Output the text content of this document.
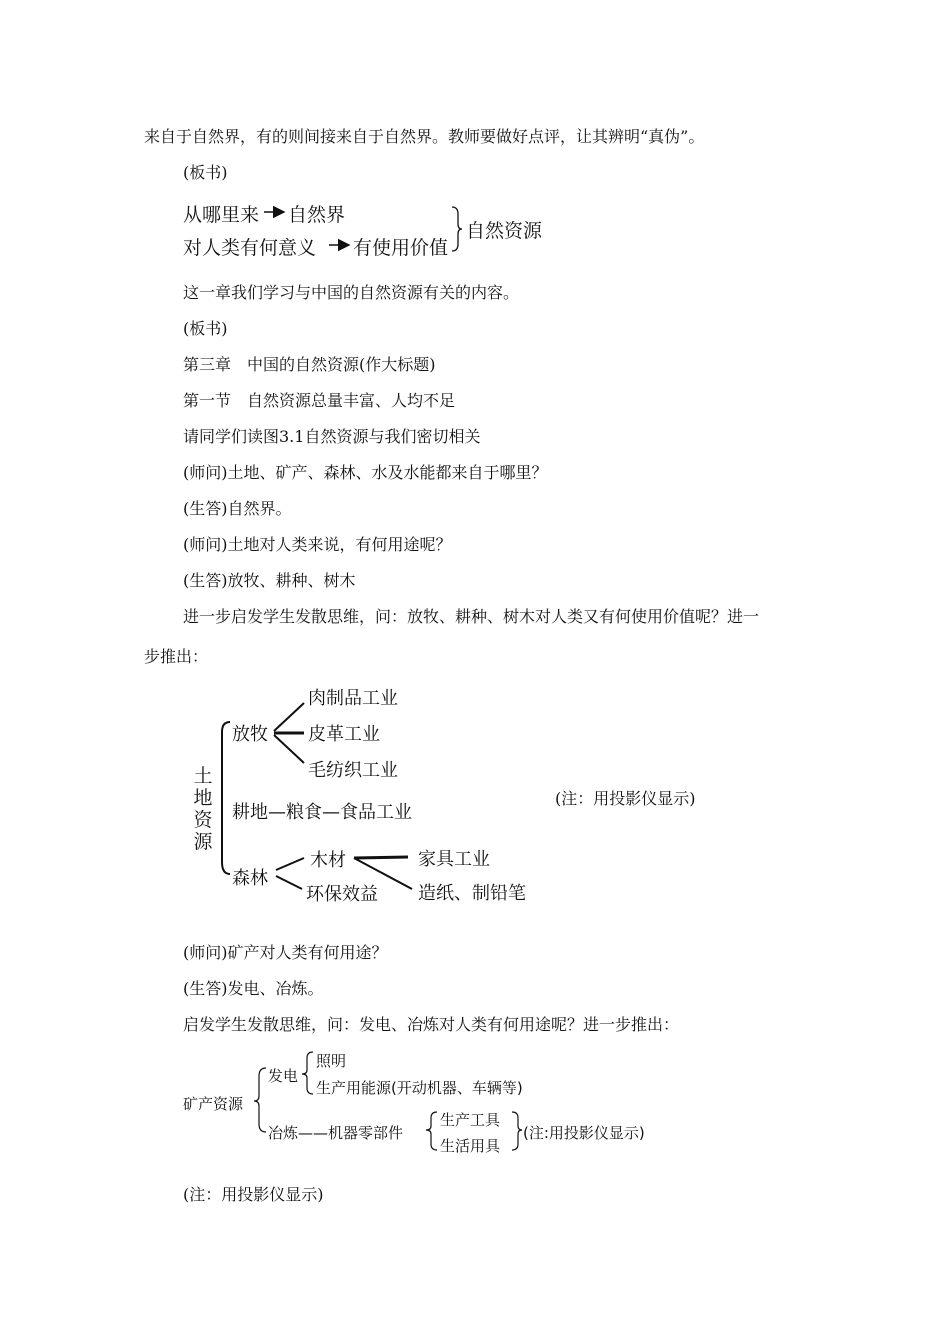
来自于自然界，有的则间接来自于自然界。教师要做好点评，让其辨明“真伪”。
(板书)
从哪里来 自然界
对人类有何意义 有使用价值
自然资源
这一章我们学习与中国的自然资源有关的内容。
(板书)
第三章　中国的自然资源(作大标题)
第一节　自然资源总量丰富、人均不足
请同学们读图3.1自然资源与我们密切相关
(师问)土地、矿产、森林、水及水能都来自于哪里？
(生答)自然界。
(师问)土地对人类来说，有何用途呢？
(生答)放牧、耕种、树木
进一步启发学生发散思维，问：放牧、耕种、树木对人类又有何使用价值呢？进一
步推出：
土地资源
放牧
肉制品工业
皮革工业
毛纺织工业
耕地—粮食—食品工业
森林
木材
环保效益
家具工业
造纸、制铅笔
(注：用投影仪显示)
(师问)矿产对人类有何用途？
(生答)发电、冶炼。
启发学生发散思维，问：发电、冶炼对人类有何用途呢？进一步推出：
矿产资源
发电
照明
生产用能源(开动机器、车辆等)
冶炼——机器零部件
生产工具
生活用具
(注:用投影仪显示)
(注：用投影仪显示)
